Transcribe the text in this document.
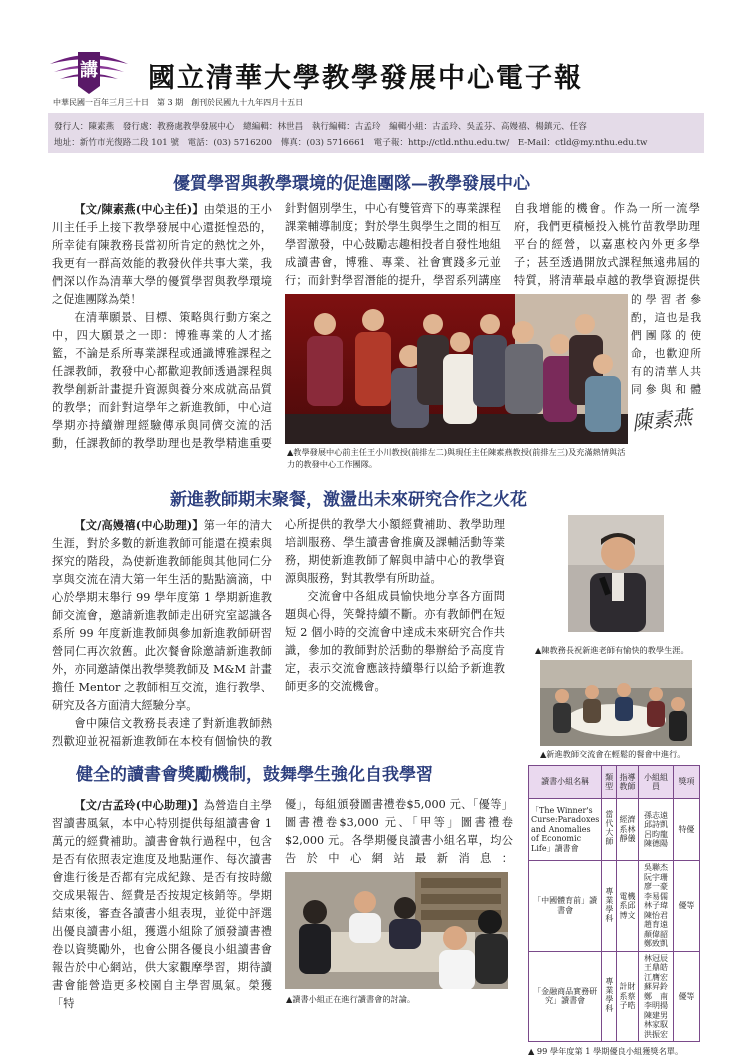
講 國立清華大學教學發展中心電子報
中華民國一百年三月三十日　第 3 期　創刊於民國九十九年四月十五日
發行人：陳素燕　發行處：教務處教學發展中心　總編輯：林世昌　執行編輯：古孟玲　編輯小組：古孟玲、吳孟芬、高嫚禧、楊鎮元、任容
地址：新竹市光復路二段 101 號　電話：(03) 5716200　傳真：(03) 5716661　電子報：http://ctld.nthu.edu.tw/　E-Mail：ctld@my.nthu.edu.tw
優質學習與教學環境的促進團隊—教學發展中心

【文/陳素燕(中心主任)】由榮退的王小川主任手上接下教學發展中心還挺惶恐的，所幸徒有陳教務長當初所肯定的熱忱之外，我更有一群高效能的教發伙伴共事大業，我們深以作為清華大學的優質學習與教學環境之促進團隊為榮！

在清華願景、目標、策略與行動方案之中，四大願景之一即：博雅專業的人才搖籃，不論是系所專業課程或通識博雅課程之任課教師，教發中心都歡迎教師透過課程與教學創新計畫提升資源與養分來成就高品質的教學；而針對這學年之新進教師，中心這學期亦持續辦理經驗傳承與同儕交流的活動，任課教師的教學助理也是教學精進重要

針對個別學生，中心有雙管齊下的專業課程課業輔導制度；對於學生與學生之間的相互學習激發，中心鼓勵志趣相投者自發性地組成讀書會，博雅、專業、社會實踐多元並行；而針對學習潛能的提升，學習系列講座

自我增能的機會。作為一所一流學府，我們更積極投入桃竹苗教學助理平台的經營，以嘉惠校內外更多學子；甚至透過開放式課程無遠弗屆的特質，將清華最卓越的教學資源提供

的學習者參酌，這也是我們團隊的使命，也歡迎所有的清華人共同參與和體

陳素燕
▲教學發展中心前主任王小川教授(前排左二)與現任主任陳素燕教授(前排左三)及充滿熱情與活力的教發中心工作團隊。
新進教師期末聚餐，激盪出未來研究合作之火花

【文/高嫚禧(中心助理)】第一年的清大生涯，對於多數的新進教師可能還在摸索與探究的階段，為使新進教師能與其他同仁分享與交流在清大第一年生活的點點滴滴，中心於學期末舉行 99 學年度第 1 學期新進教師交流會，邀請新進教師走出研究室認識各系所 99 年度新進教師與參加新進教師研習營同仁再次敘舊。此次餐會除邀請新進教師外，亦同邀請傑出教學獎教師及 M&M 計畫擔任 Mentor 之教師相互交流，進行教學、研究及各方面清大經驗分享。

會中陳信文教務長表達了對新進教師熱烈歡迎並祝福新進教師在本校有個愉快的教

心所提供的教學大小額經費補助、教學助理培訓服務、學生讀書會推廣及課輔活動等業務，期使新進教師了解與申請中心的教學資源與服務，對其教學有所助益。

交流會中各組成員愉快地分享各方面問題與心得，笑聲持續不斷。亦有教師們在短短 2 個小時的交流會中達成未來研究合作共識，參加的教師對於活動的舉辦給予高度肯定，表示交流會應該持續舉行以給予新進教師更多的交流機會。

▲陳教務長祝新進老師有愉快的教學生涯。
▲新進教師交流會在輕鬆的餐會中進行。
健全的讀書會獎勵機制，鼓舞學生強化自我學習

【文/古孟玲(中心助理)】為營造自主學習讀書風氣，本中心特別提供每組讀書會 1 萬元的經費補助。讀書會執行過程中，包含是否有依照表定進度及地點運作、每次讀書會進行後是否都有完成紀錄、是否有按時繳交成果報告、經費是否按規定核銷等。學期結束後，審查各讀書小組表現，並從中評選出優良讀書小組，獲選小組除了頒發讀書禮卷以資獎勵外，也會公開各優良小組讀書會報告於中心網站，供大家觀摩學習，期待讀書會能營造更多校園自主學習風氣。榮獲「特

優」，每組頒發圖書禮卷$5,000 元、「優等」圖書禮卷$3,000 元、「甲等」圖書禮卷$2,000 元。各學期優良讀書小組名單，均公告於中心網站最新消息：

▲讀書小組正在進行讀書會的討論。
讀書小組名稱	類型	指導教師	小組組員	獎項
「The Winner's Curse:Paradoxes and Anomalies of Economic Life」讀書會	當代大師	經濟系林靜儀	孫志遠 邱詩凱 呂昀龍 陳德陽	特優
「中國體育前」讀書會	專業學科	電機系邱博文	吳聯杰 阮宇珊 廖一豪 李易儒 林子瑋 陳怡君 趙育遠 顏偉韶 鄭致凱	優等
「金融商品實務研究」讀書會	專業學科	計財系蔡子晧	林冠辰 王鼎皓 江膺宏 蘇昇鈴 鄭　南 李明揚 陳建男 林家馭 洪振宏	優等
▲ 99 學年度第 1 學期優良小組獲獎名單。
